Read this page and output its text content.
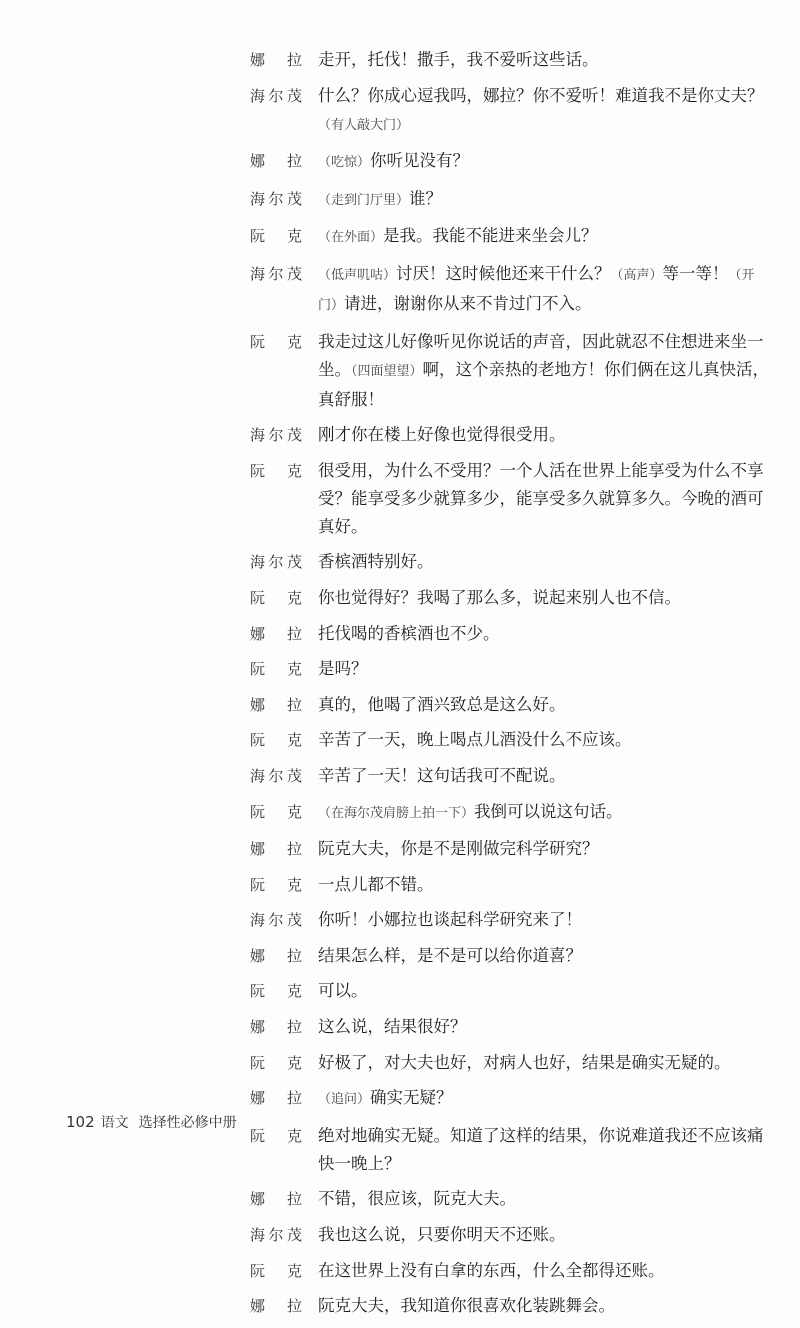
娜 拉 走开，托伐！撒手，我不爱听这些话。
海尔茂 什么？你成心逗我吗，娜拉？你不爱听！难道我不是你丈夫？（有人敲大门）
娜 拉	（吃惊）你听见没有？
海尔茂	（走到门厅里）谁？
阮 克	（在外面）是我。我能不能进来坐会儿？
海尔茂	（低声叽咕）讨厌！这时候他还来干什么？（高声）等一等！（开门）请进，谢谢你从来不肯过门不入。
阮 克 我走过这儿好像听见你说话的声音，因此就忍不住想进来坐一坐。（四面望望）啊，这个亲热的老地方！你们俩在这儿真快活，真舒服！
海尔茂 刚才你在楼上好像也觉得很受用。
阮 克 很受用，为什么不受用？一个人活在世界上能享受为什么不享受？能享受多少就算多少，能享受多久就算多久。今晚的酒可真好。
海尔茂 香槟酒特别好。
阮 克 你也觉得好？我喝了那么多，说起来别人也不信。
娜 拉 托伐喝的香槟酒也不少。
阮 克 是吗？
娜 拉 真的，他喝了酒兴致总是这么好。
阮 克 辛苦了一天，晚上喝点儿酒没什么不应该。
海尔茂 辛苦了一天！这句话我可不配说。
阮 克	（在海尔茂肩膀上拍一下）我倒可以说这句话。
娜 拉 阮克大夫，你是不是刚做完科学研究？
阮 克 一点儿都不错。
海尔茂 你听！小娜拉也谈起科学研究来了！
娜 拉 结果怎么样，是不是可以给你道喜？
阮 克 可以。
娜 拉 这么说，结果很好？
阮 克 好极了，对大夫也好，对病人也好，结果是确实无疑的。
娜 拉	（追问）确实无疑？
阮 克 绝对地确实无疑。知道了这样的结果，你说难道我还不应该痛快一晚上？
娜 拉 不错，很应该，阮克大夫。
海尔茂 我也这么说，只要你明天不还账。
阮 克 在这世界上没有白拿的东西，什么全都得还账。
娜 拉 阮克大夫，我知道你很喜欢化装跳舞会。
102 语文 选择性必修中册
